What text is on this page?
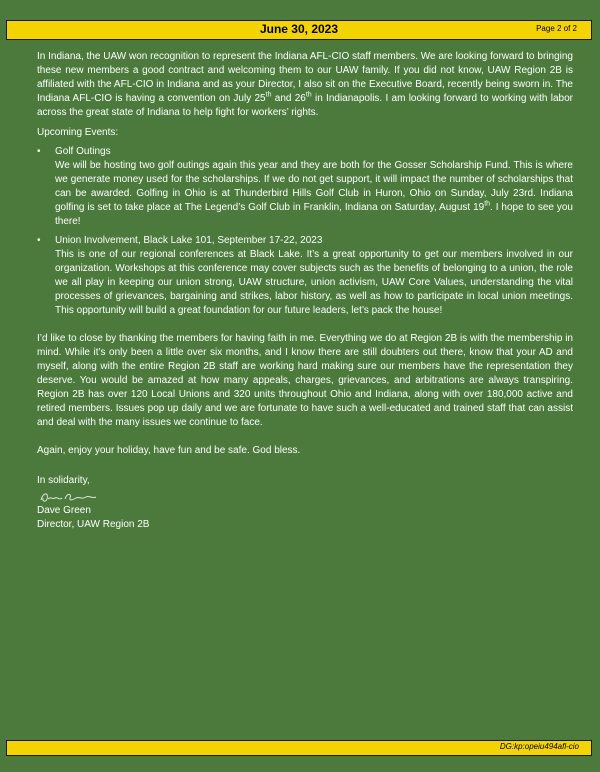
June 30, 2023	Page 2 of 2

In Indiana, the UAW won recognition to represent the Indiana AFL-CIO staff members. We are looking forward to bringing these new members a good contract and welcoming them to our UAW family. If you did not know, UAW Region 2B is affiliated with the AFL-CIO in Indiana and as your Director, I also sit on the Executive Board, recently being sworn in. The Indiana AFL-CIO is having a convention on July 25th and 26th in Indianapolis. I am looking forward to working with labor across the great state of Indiana to help fight for workers’ rights.

Upcoming Events:

• Golf Outings

We will be hosting two golf outings again this year and they are both for the Gosser Scholarship Fund. This is where we generate money used for the scholarships. If we do not get support, it will impact the number of scholarships that can be awarded. Golfing in Ohio is at Thunderbird Hills Golf Club in Huron, Ohio on Sunday, July 23rd. Indiana golfing is set to take place at The Legend’s Golf Club in Franklin, Indiana on Saturday, August 19th. I hope to see you there!

• Union Involvement, Black Lake 101, September 17-22, 2023

This is one of our regional conferences at Black Lake. It’s a great opportunity to get our members involved in our organization. Workshops at this conference may cover subjects such as the benefits of belonging to a union, the role we all play in keeping our union strong, UAW structure, union activism, UAW Core Values, understanding the vital processes of grievances, bargaining and strikes, labor history, as well as how to participate in local union meetings. This opportunity will build a great foundation for our future leaders, let’s pack the house!

I’d like to close by thanking the members for having faith in me. Everything we do at Region 2B is with the membership in mind. While it’s only been a little over six months, and I know there are still doubters out there, know that your AD and myself, along with the entire Region 2B staff are working hard making sure our members have the representation they deserve. You would be amazed at how many appeals, charges, grievances, and arbitrations are always transpiring. Region 2B has over 120 Local Unions and 320 units throughout Ohio and Indiana, along with over 180,000 active and retired members. Issues pop up daily and we are fortunate to have such a well-educated and trained staff that can assist and deal with the many issues we continue to face.

Again, enjoy your holiday, have fun and be safe. God bless.

In solidarity,
Dave Green
Director, UAW Region 2B
DG:kp:opeiu494afl-cio
